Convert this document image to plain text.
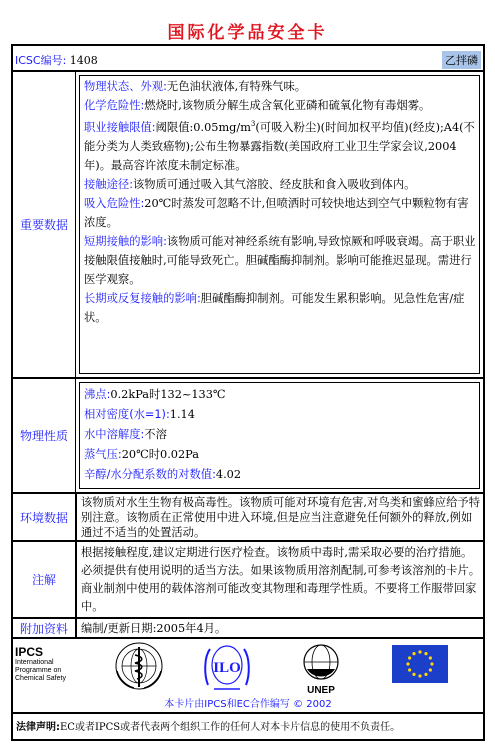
国际化学品安全卡
ICSC编号: 1408	乙拌磷
重要数据
物理状态、外观:无色油状液体,有特殊气味。
化学危险性:燃烧时,该物质分解生成含氧化亚磷和硫氧化物有毒烟雾。
职业接触限值:阈限值$:0.05mg/m^3$(可吸入粉尘)(时间加权平均值)(经皮);A4(不能分类为人类致癌物);公布生物暴露指数(美国政府工业卫生学家会议,2004年)。最高容许浓度未制定标准。
接触途径:该物质可通过吸入其气溶胶、经皮肤和食入吸收到体内。
吸入危险性:20℃时蒸发可忽略不计,但喷洒时可较快地达到空气中颗粒物有害浓度。
短期接触的影响:该物质可能对神经系统有影响,导致惊厥和呼吸衰竭。高于职业接触限值接触时,可能导致死亡。胆碱酯酶抑制剂。影响可能推迟显现。需进行医学观察。
长期或反复接触的影响:胆碱酯酶抑制剂。可能发生累积影响。见急性危害/症状。
物理性质
沸点:0.2kPa时132~133℃
相对密度(水=1):1.14
水中溶解度:不溶
蒸气压:20℃时0.02Pa
辛醇/水分配系数的对数值:4.02
环境数据
该物质对水生生物有极高毒性。该物质可能对环境有危害,对鸟类和蜜蜂应给予特别注意。该物质在正常使用中进入环境,但是应当注意避免任何额外的释放,例如通过不适当的处置活动。
注解
根据接触程度,建议定期进行医疗检查。该物质中毒时,需采取必要的治疗措施。必须提供有使用说明的适当方法。如果该物质用溶剂配制,可参考该溶剂的卡片。商业制剂中使用的载体溶剂可能改变其物理和毒理学性质。不要将工作服带回家中。
附加资料	编制/更新日期:2005年4月。
IPCS
International
Programme on
Chemical Safety
ILO
UNEP
本卡片由IPCS和EC合作编写 © 2002
法律声明:EC或者IPCS或者代表两个组织工作的任何人对本卡片信息的使用不负责任。
